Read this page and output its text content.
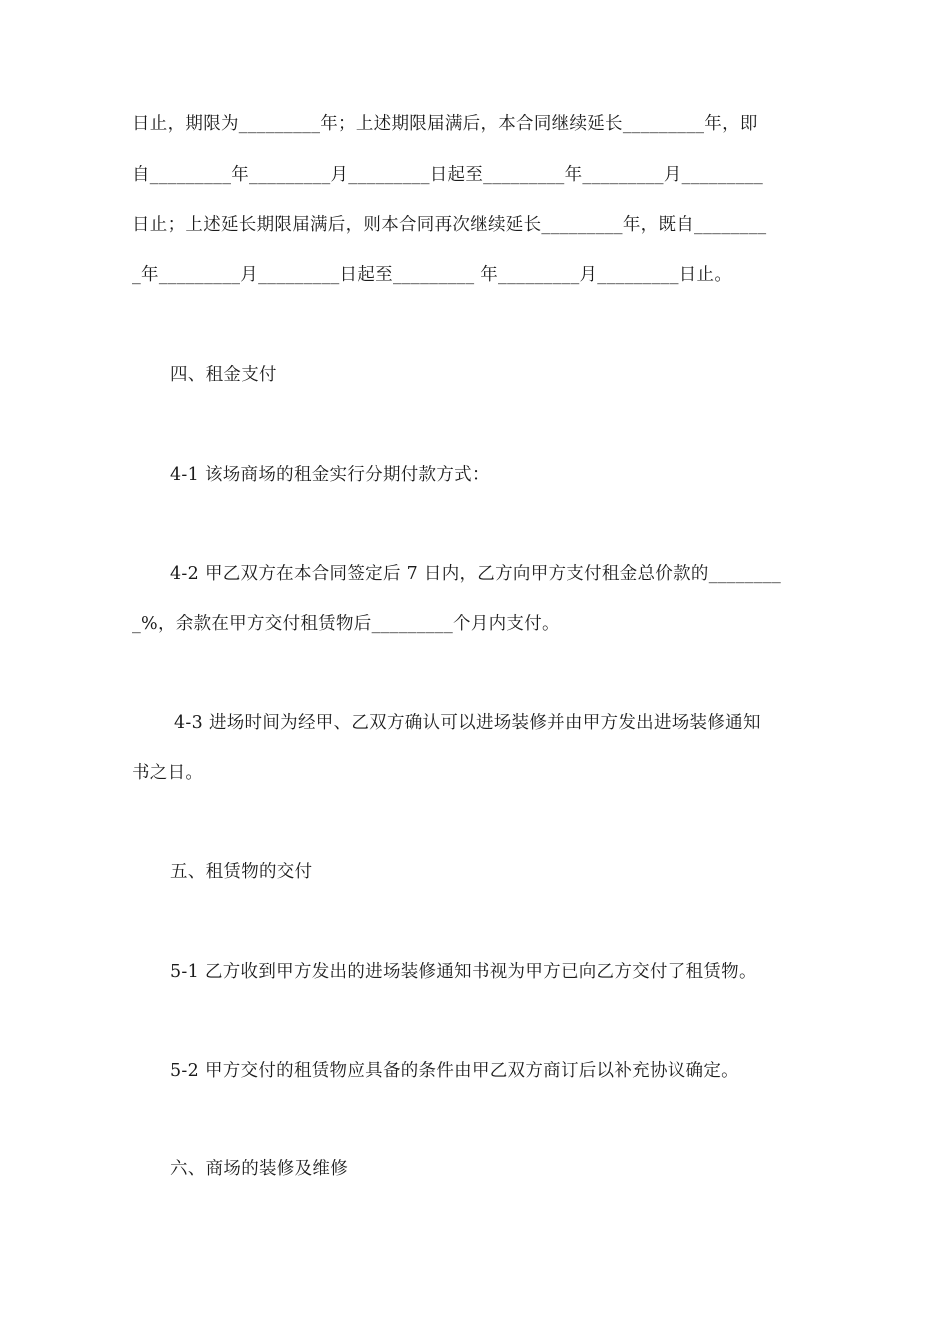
日止，期限为_________年；上述期限届满后，本合同继续延长_________年，即
自_________年_________月_________日起至_________年_________月_________
日止；上述延长期限届满后，则本合同再次继续延长_________年，既自________
_年_________月_________日起至_________ 年_________月_________日止。
四、租金支付
4-1 该场商场的租金实行分期付款方式：
4-2 甲乙双方在本合同签定后 7 日内，乙方向甲方支付租金总价款的________
_%，余款在甲方交付租赁物后_________个月内支付。
4-3 进场时间为经甲、乙双方确认可以进场装修并由甲方发出进场装修通知
书之日。
五、租赁物的交付
5-1 乙方收到甲方发出的进场装修通知书视为甲方已向乙方交付了租赁物。
5-2 甲方交付的租赁物应具备的条件由甲乙双方商订后以补充协议确定。
六、商场的装修及维修
